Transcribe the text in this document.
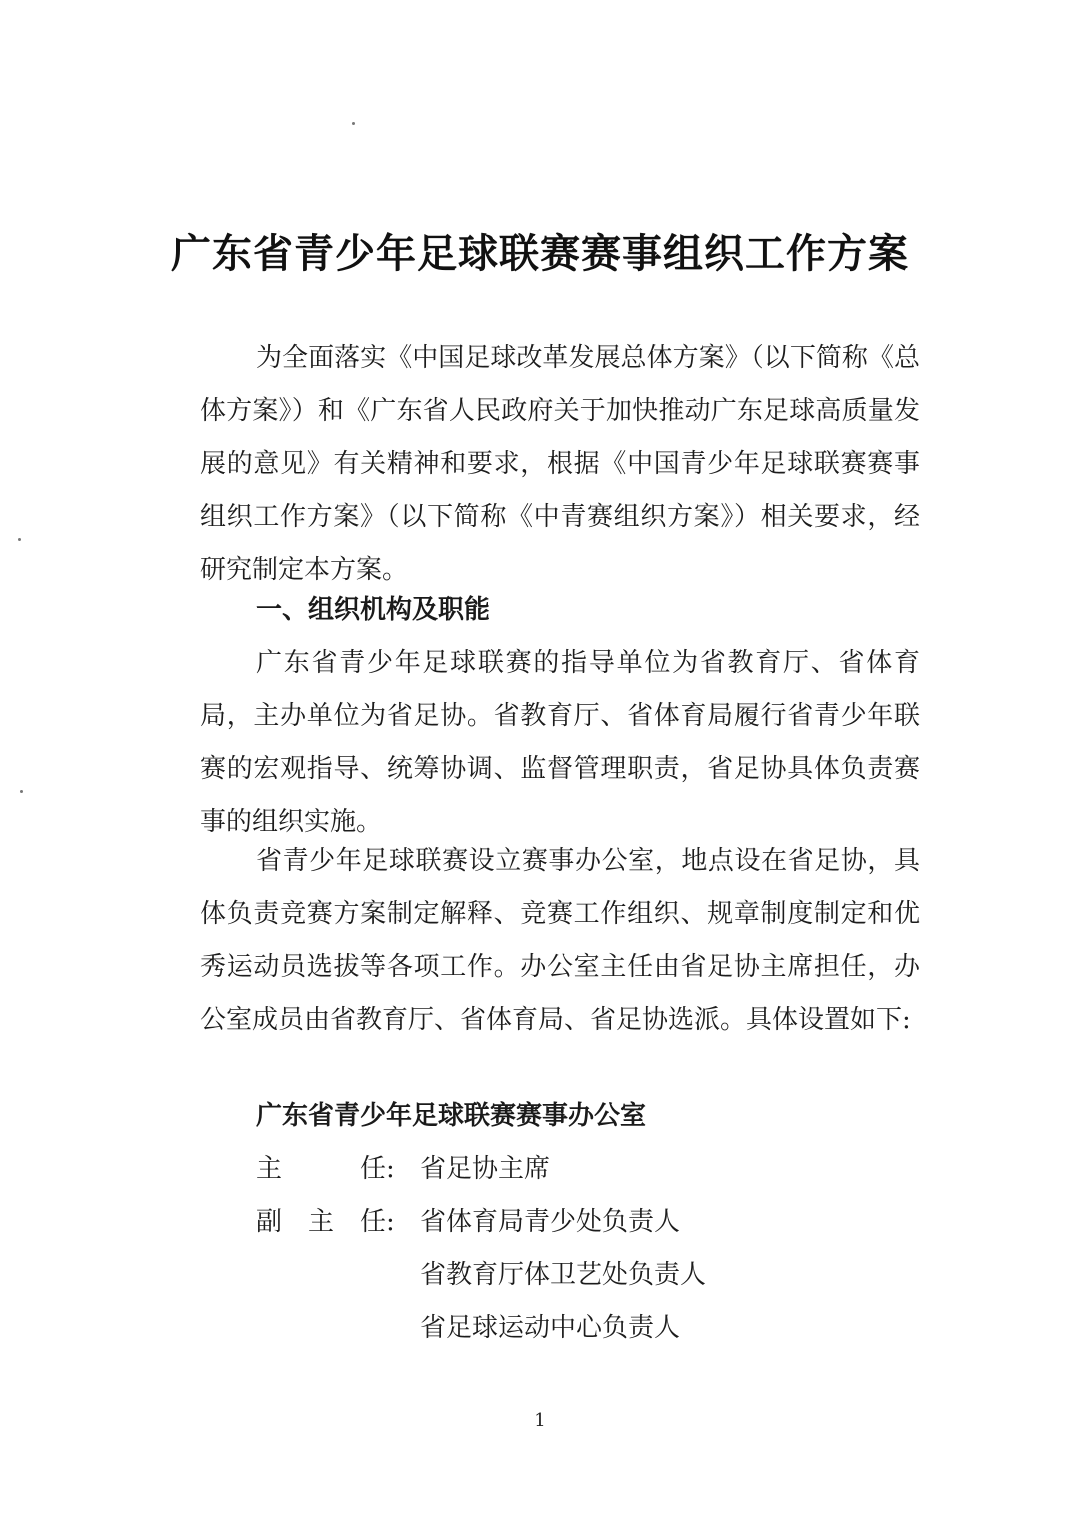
广东省青少年足球联赛赛事组织工作方案

为全面落实《中国足球改革发展总体方案》（以下简称《总体方案》）和《广东省人民政府关于加快推动广东足球高质量发展的意见》有关精神和要求，根据《中国青少年足球联赛赛事组织工作方案》（以下简称《中青赛组织方案》）相关要求，经研究制定本方案。

一、组织机构及职能

广东省青少年足球联赛的指导单位为省教育厅、省体育局，主办单位为省足协。省教育厅、省体育局履行省青少年联赛的宏观指导、统筹协调、监督管理职责，省足协具体负责赛事的组织实施。

省青少年足球联赛设立赛事办公室，地点设在省足协，具体负责竞赛方案制定解释、竞赛工作组织、规章制度制定和优秀运动员选拔等各项工作。办公室主任由省足协主席担任，办公室成员由省教育厅、省体育局、省足协选派。具体设置如下:

广东省青少年足球联赛赛事办公室
主　　　任: 省足协主席
副　主　任: 省体育局青少处负责人
省教育厅体卫艺处负责人
省足球运动中心负责人
1
